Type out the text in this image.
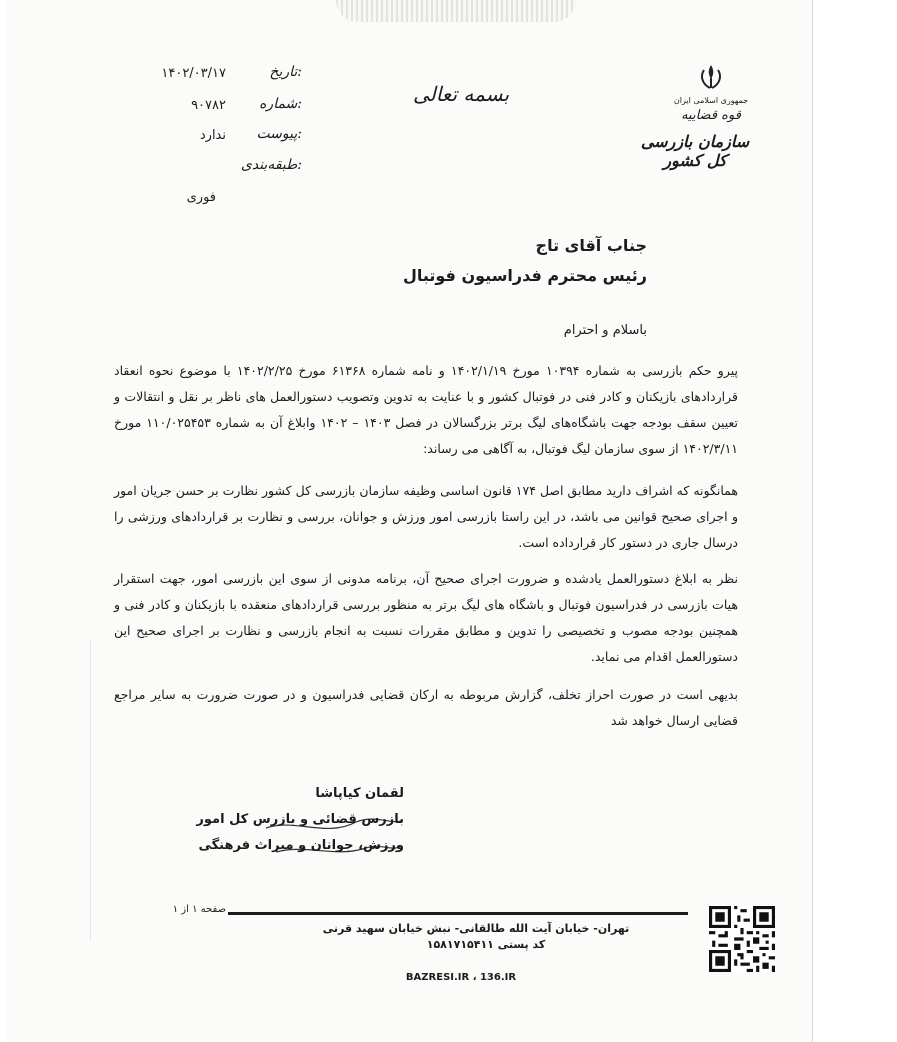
جمهوری اسلامی ایران
قوه قضاییه
سازمان بازرسی کل کشور
بسمه تعالی
تاریخ:
۱۴۰۲/۰۳/۱۷
شماره:
۹۰۷۸۲
پیوست:
ندارد
طبقه‌بندی:
فوری
جناب آقای تاج
رئیس محترم فدراسیون فوتبال
باسلام و احترام
پیرو حکم بازرسی به شماره ۱۰۳۹۴ مورخ ۱۴۰۲/۱/۱۹ و نامه شماره ۶۱۳۶۸ مورخ ۱۴۰۲/۲/۲۵ با موضوع نحوه انعقاد قراردادهای بازیکنان و کادر فنی در فوتبال کشور و با عنایت به تدوین وتصویب دستورالعمل های ناظر بر نقل و انتقالات و تعیین سقف بودجه جهت باشگاه‌های لیگ برتر بزرگسالان در فصل ۱۴۰۳ – ۱۴۰۲ وابلاغ آن به شماره ۱۱۰/۰۲۵۴۵۳ مورخ ۱۴۰۲/۳/۱۱ از سوی سازمان لیگ فوتبال، به آگاهی می رساند:
همانگونه که اشراف دارید مطابق اصل ۱۷۴ قانون اساسی وظیفه سازمان بازرسی کل کشور نظارت بر حسن جریان امور و اجرای صحیح قوانین می باشد، در این راستا بازرسی امور ورزش و جوانان، بررسی و نظارت بر قراردادهای ورزشی را درسال جاری در دستور کار قرارداده است.
نظر به ابلاغ دستورالعمل یادشده و ضرورت اجرای صحیح آن، برنامه مدونی از سوی این بازرسی امور، جهت استقرار هیات بازرسی در فدراسیون فوتبال و باشگاه های لیگ برتر به منظور بررسی قراردادهای منعقده با بازیکنان و کادر فنی و همچنین بودجه مصوب و تخصیصی را تدوین و مطابق مقررات نسبت به انجام بازرسی و نظارت بر اجرای صحیح این دستورالعمل اقدام می نماید.
بدیهی است در صورت احراز تخلف، گزارش مربوطه به ارکان قضایی فدراسیون و در صورت ضرورت به سایر مراجع قضایی ارسال خواهد شد
لقمان کیاپاشا
بازرس قضائی و بازرس کل امور
ورزش، جوانان و میراث فرهنگی
صفحه ۱ از ۱
تهران- خیابان آیت الله طالقانی- نبش خیابان سهید قرنی
کد پستی ۱۵۸۱۷۱۵۴۱۱
BAZRESI.IR ، 136.IR
